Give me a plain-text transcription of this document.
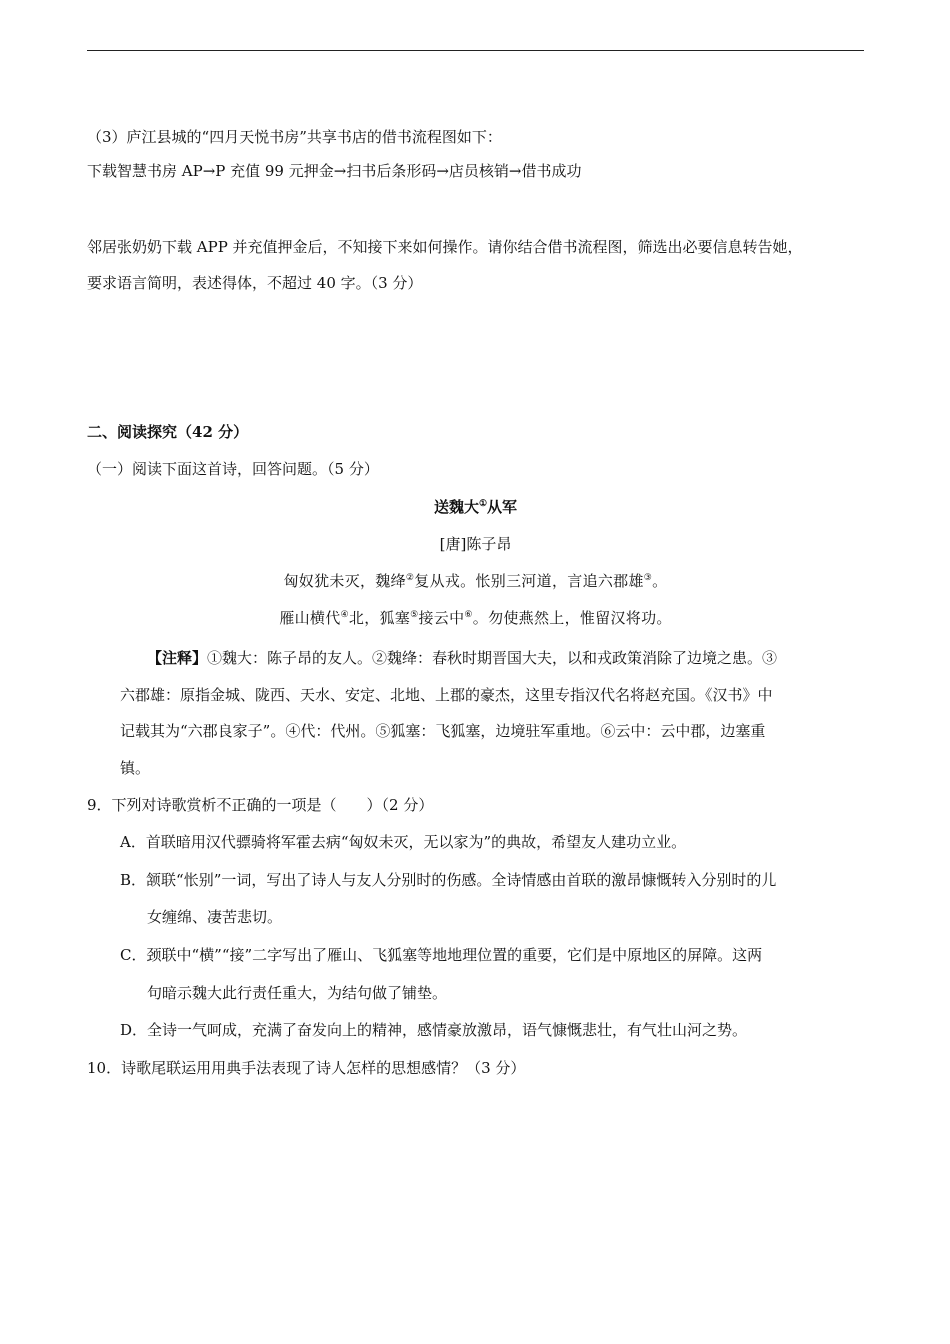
（3）庐江县城的“四月天悦书房”共享书店的借书流程图如下：
下载智慧书房 AP→P 充值 99 元押金→扫书后条形码→店员核销→借书成功
邻居张奶奶下载 APP 并充值押金后，不知接下来如何操作。请你结合借书流程图，筛选出必要信息转告她，
要求语言简明，表述得体，不超过 40 字。（3 分）
二、阅读探究（42 分）
（一）阅读下面这首诗，回答问题。（5 分）
送魏大①从军
[唐]陈子昂
匈奴犹未灭，魏绛②复从戎。怅别三河道，言追六郡雄③。
雁山横代④北，狐塞⑤接云中⑥。勿使燕然上，惟留汉将功。
【注释】①魏大：陈子昂的友人。②魏绛：春秋时期晋国大夫，以和戎政策消除了边境之患。③
六郡雄：原指金城、陇西、天水、安定、北地、上郡的豪杰，这里专指汉代名将赵充国。《汉书》中
记载其为“六郡良家子”。④代：代州。⑤狐塞：飞狐塞，边境驻军重地。⑥云中：云中郡，边塞重
镇。
9．下列对诗歌赏析不正确的一项是（　　）（2 分）
A．首联暗用汉代骠骑将军霍去病“匈奴未灭，无以家为”的典故，希望友人建功立业。
B．颔联“怅别”一词，写出了诗人与友人分别时的伤感。全诗情感由首联的激昂慷慨转入分别时的儿
女缠绵、凄苦悲切。
C．颈联中“横”“接”二字写出了雁山、飞狐塞等地地理位置的重要，它们是中原地区的屏障。这两
句暗示魏大此行责任重大，为结句做了铺垫。
D．全诗一气呵成，充满了奋发向上的精神，感情豪放激昂，语气慷慨悲壮，有气壮山河之势。
10．诗歌尾联运用用典手法表现了诗人怎样的思想感情？（3 分）
